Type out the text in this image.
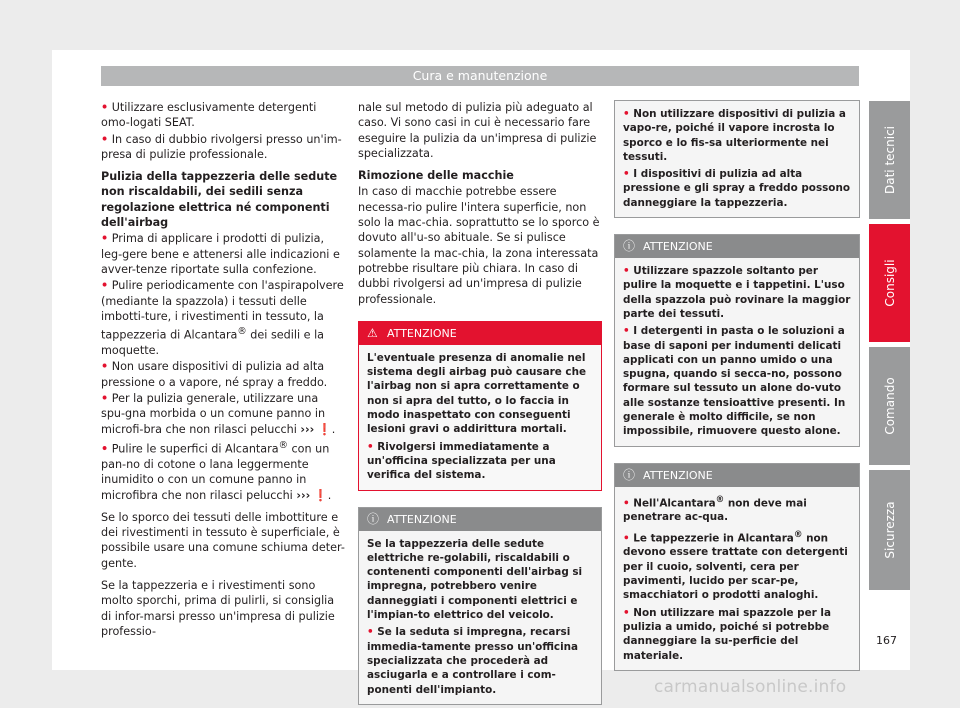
Cura e manutenzione

• Utilizzare esclusivamente detergenti omo-logati SEAT.

• In caso di dubbio rivolgersi presso un'im-presa di pulizie professionale.

Pulizia della tappezzeria delle sedute non riscaldabili, dei sedili senza regolazione elettrica né componenti dell'airbag

• Prima di applicare i prodotti di pulizia, leg-gere bene e attenersi alle indicazioni e avver-tenze riportate sulla confezione.

• Pulire periodicamente con l'aspirapolvere (mediante la spazzola) i tessuti delle imbotti-ture, i rivestimenti in tessuto, la tappezzeria di Alcantara® dei sedili e la moquette.

• Non usare dispositivi di pulizia ad alta pressione o a vapore, né spray a freddo.

• Per la pulizia generale, utilizzare una spu-gna morbida o un comune panno in microfi-bra che non rilasci pelucchi ››› ❗.

• Pulire le superfici di Alcantara® con un pan-no di cotone o lana leggermente inumidito o con un comune panno in microfibra che non rilasci pelucchi ››› ❗.

Se lo sporco dei tessuti delle imbottiture e dei rivestimenti in tessuto è superficiale, è possibile usare una comune schiuma deter-gente.

Se la tappezzeria e i rivestimenti sono molto sporchi, prima di pulirli, si consiglia di infor-marsi presso un'impresa di pulizie professio-

nale sul metodo di pulizia più adeguato al caso. Vi sono casi in cui è necessario fare eseguire la pulizia da un'impresa di pulizie specializzata.

Rimozione delle macchie

In caso di macchie potrebbe essere necessa-rio pulire l'intera superficie, non solo la mac-chia. soprattutto se lo sporco è dovuto all'u-so abituale. Se si pulisce solamente la mac-chia, la zona interessata potrebbe risultare più chiara. In caso di dubbi rivolgersi ad un'impresa di pulizie professionale.

⚠ ATTENZIONE

L'eventuale presenza di anomalie nel sistema degli airbag può causare che l'airbag non si apra correttamente o non si apra del tutto, o lo faccia in modo inaspettato con conseguenti lesioni gravi o addirittura mortali.

• Rivolgersi immediatamente a un'officina specializzata per una verifica del sistema.

ⓘ ATTENZIONE

Se la tappezzeria delle sedute elettriche re-golabili, riscaldabili o contenenti componenti dell'airbag si impregna, potrebbero venire danneggiati i componenti elettrici e l'impian-to elettrico del veicolo.

• Se la seduta si impregna, recarsi immedia-tamente presso un'officina specializzata che procederà ad asciugarla e a controllare i com-ponenti dell'impianto.

• Non utilizzare dispositivi di pulizia a vapo-re, poiché il vapore incrosta lo sporco e lo fis-sa ulteriormente nei tessuti.

• I dispositivi di pulizia ad alta pressione e gli spray a freddo possono danneggiare la tappezzeria.

ⓘ ATTENZIONE

• Utilizzare spazzole soltanto per pulire la moquette e i tappetini. L'uso della spazzola può rovinare la maggior parte dei tessuti.

• I detergenti in pasta o le soluzioni a base di saponi per indumenti delicati applicati con un panno umido o una spugna, quando si secca-no, possono formare sul tessuto un alone do-vuto alle sostanze tensioattive presenti. In generale è molto difficile, se non impossibile, rimuovere questo alone.

ⓘ ATTENZIONE

• Nell'Alcantara® non deve mai penetrare ac-qua.

• Le tappezzerie in Alcantara® non devono essere trattate con detergenti per il cuoio, solventi, cera per pavimenti, lucido per scar-pe, smacchiatori o prodotti analoghi.

• Non utilizzare mai spazzole per la pulizia a umido, poiché si potrebbe danneggiare la su-perficie del materiale.

Dati tecnici
Consigli
Comando
Sicurezza
167
carmanualsonline.info
